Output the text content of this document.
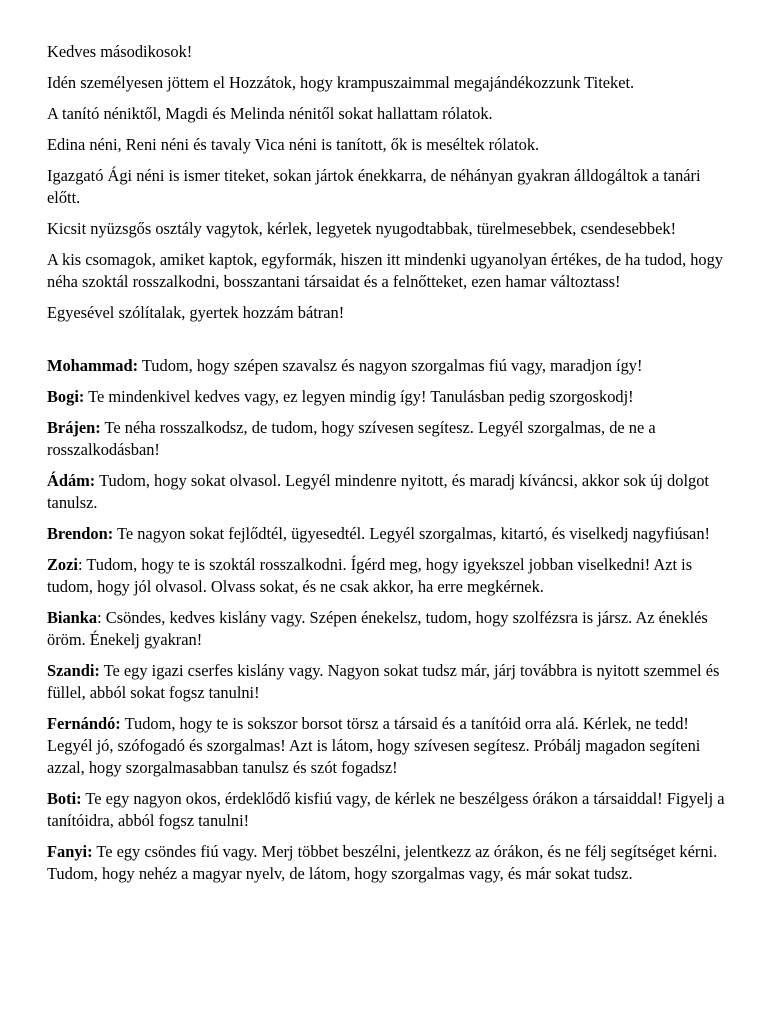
Kedves másodikosok!

Idén személyesen jöttem el Hozzátok, hogy krampuszaimmal megajándékozzunk Titeket.

A tanító néniktől, Magdi és Melinda nénitől sokat hallattam rólatok.

Edina néni, Reni néni és tavaly Vica néni is tanított, ők is meséltek rólatok.

Igazgató Ági néni is ismer titeket, sokan jártok énekkarra, de néhányan gyakran álldogáltok a tanári előtt.

Kicsit nyüzsgős osztály vagytok, kérlek, legyetek nyugodtabbak, türelmesebbek, csendesebbek!

A kis csomagok, amiket kaptok, egyformák, hiszen itt mindenki ugyanolyan értékes, de ha tudod, hogy néha szoktál rosszalkodni, bosszantani társaidat és a felnőtteket, ezen hamar változtass!

Egyesével szólítalak, gyertek hozzám bátran!

Mohammad: Tudom, hogy szépen szavalsz és nagyon szorgalmas fiú vagy, maradjon így!

Bogi: Te mindenkivel kedves vagy, ez legyen mindig így! Tanulásban pedig szorgoskodj!

Brájen: Te néha rosszalkodsz, de tudom, hogy szívesen segítesz. Legyél szorgalmas, de ne a rosszalkodásban!

Ádám: Tudom, hogy sokat olvasol. Legyél mindenre nyitott, és maradj kíváncsi, akkor sok új dolgot tanulsz.

Brendon: Te nagyon sokat fejlődtél, ügyesedtél. Legyél szorgalmas, kitartó, és viselkedj nagyfiúsan!

Zozi: Tudom, hogy te is szoktál rosszalkodni. Ígérd meg, hogy igyekszel jobban viselkedni! Azt is tudom, hogy jól olvasol. Olvass sokat, és ne csak akkor, ha erre megkérnek.

Bianka: Csöndes, kedves kislány vagy. Szépen énekelsz, tudom, hogy szolfézsra is jársz. Az éneklés öröm. Énekelj gyakran!

Szandi: Te egy igazi cserfes kislány vagy. Nagyon sokat tudsz már, járj továbbra is nyitott szemmel és füllel, abból sokat fogsz tanulni!

Fernándó: Tudom, hogy te is sokszor borsot törsz a társaid és a tanítóid orra alá. Kérlek, ne tedd! Legyél jó, szófogadó és szorgalmas! Azt is látom, hogy szívesen segítesz. Próbálj magadon segíteni azzal, hogy szorgalmasabban tanulsz és szót fogadsz!

Boti: Te egy nagyon okos, érdeklődő kisfiú vagy, de kérlek ne beszélgess órákon a társaiddal! Figyelj a tanítóidra, abból fogsz tanulni!

Fanyi: Te egy csöndes fiú vagy. Merj többet beszélni, jelentkezz az órákon, és ne félj segítséget kérni. Tudom, hogy nehéz a magyar nyelv, de látom, hogy szorgalmas vagy, és már sokat tudsz.
